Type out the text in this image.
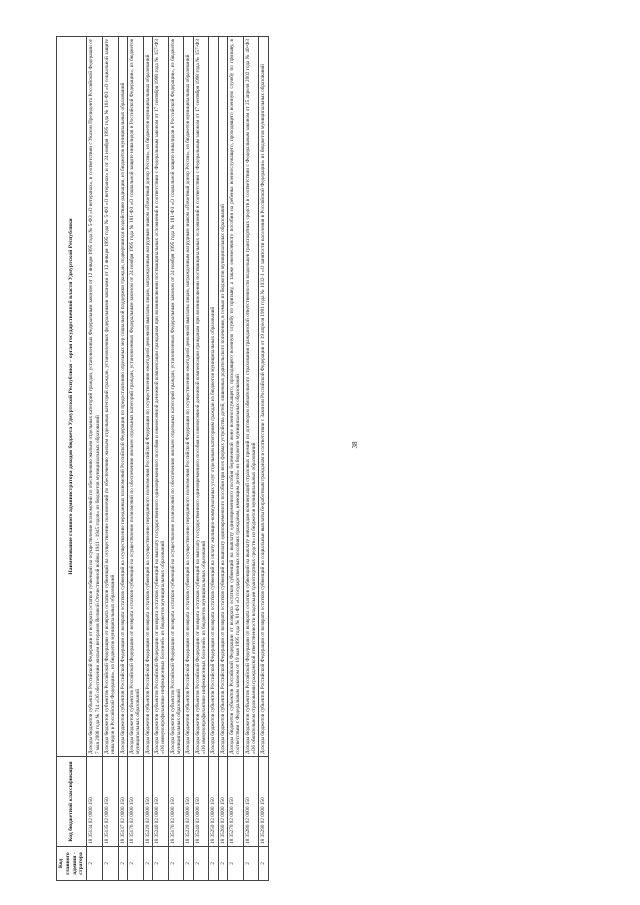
38
Код главного админи - стратора	Код бюджетной классификации	Наименование главного администратора доходов бюджета Удмуртской Республики – орган государственной власти Удмуртской Республики
2	18 35134 02 0000 150	Доходы бюджетов субъектов Российской Федерации от возврата остатков субвенций на осуществление полномочий по обеспечению жильем отдельных категорий граждан, установленных Федеральным законом от 12 января 1995 года № 5-ФЗ «О ветеранах», в соответствии с Указом Президента Российской Федерации от 7 мая 2008 года № 714 «Об обеспечении жильем ветеранов Великой Отечественной войны 1941 - 1945 годов» из бюджетов муниципальных образований
2	18 35135 02 0000 150	Доходы бюджетов субъектов Российской Федерации от возврата остатков субвенций на осуществление полномочий по обеспечению жильем отдельных категорий граждан, установленных федеральными законами от 12 января 1995 года № 5-ФЗ «О ветеранах» и от 24 ноября 1995 года № 181-ФЗ «О социальной защите инвалидов в Российской Федерации», из бюджетов муниципальных образований
2	18 35137 02 0000 150	Доходы бюджетов субъектов Российской Федерации от возврата остатков субвенций на осуществление переданных полномочий Российской Федерации по предоставлению отдельных мер социальной поддержки граждан, подвергшихся воздействию радиации, из бюджетов муниципальных образований
2	18 35176 02 0000 150	Доходы бюджетов субъектов Российской Федерации от возврата остатков субвенций на осуществление полномочий по обеспечению жильем отдельных категорий граждан, установленных Федеральным законом от 24 ноября 1995 года № 181-ФЗ «О социальной защите инвалидов в Российской Федерации», из бюджетов муниципальных образований
2	18 35220 02 0000 150	Доходы бюджетов субъектов Российской Федерации от возврата остатков субвенций на осуществление переданного полномочия Российской Федерации по осуществлению ежегодной денежной выплаты лицам, награжденным нагрудным знаком «Почетный донор России», из бюджетов муниципальных образований
2	18 35240 02 0000 150	Доходы бюджетов субъектов Российской Федерации от возврата остатков субвенций на выплату государственного единовременного пособия и ежемесячной денежной компенсации гражданам при возникновении поствакцинальных осложнений в соответствии с Федеральным законом от 17 сентября 1998 года № 157-ФЗ «Об иммунопрофилактике инфекционных болезней» из бюджетов муниципальных образований
2	18 35176 02 0000 150	Доходы бюджетов субъектов Российской Федерации от возврата остатков субвенций на осуществление полномочий по обеспечению жильем отдельных категорий граждан, установленных Федеральным законом от 24 ноября 1995 года № 181-ФЗ «О социальной защите инвалидов в Российской Федерации», из бюджетов муниципальных образований
2	18 35220 02 0000 150	Доходы бюджетов субъектов Российской Федерации от возврата остатков субвенций на осуществление переданного полномочия Российской Федерации по осуществлению ежегодной денежной выплаты лицам, награжденным нагрудным знаком «Почетный донор России», из бюджетов муниципальных образований
2	18 35240 02 0000 150	Доходы бюджетов субъектов Российской Федерации от возврата остатков субвенций на выплату государственного единовременного пособия и ежемесячной денежной компенсации гражданам при возникновении поствакцинальных осложнений в соответствии с Федеральным законом от 17 сентября 1998 года № 157-ФЗ «Об иммунопрофилактике инфекционных болезней» из бюджетов муниципальных образований
2	18 35250 02 0000 150	Доходы бюджетов субъектов Российской Федерации от возврата остатков субвенций на оплату жилищно-коммунальных услуг отдельным категориям граждан из бюджетов муниципальных образований
2	18 35260 02 0000 150	Доходы бюджетов субъектов Российской Федерации от возврата остатков субвенций на выплату единовременного пособия при всех формах устройства детей, лишенных родительского попечения, в семью из бюджетов муниципальных образований
2	18 35270 02 0000 150	Доходы бюджетов субъектов Российской Федерации от возврата остатков субвенций на выплату единовременного пособия беременной жене военнослужащего, проходящего военную службу по призыву, а также ежемесячного пособия на ребенка военнослужащего, проходящего военную службу по призыву, в соответствии с Федеральным законом от 19 мая 1995 года № 81-ФЗ «О государственных пособиях гражданам, имеющим детей» из бюджетов муниципальных образований
2	18 35280 02 0000 150	Доходы бюджетов субъектов Российской Федерации от возврата остатков субвенций на выплату инвалидам компенсаций страховых премий по договорам обязательного страхования гражданской ответственности владельцев транспортных средств в соответствии с Федеральным законом от 25 апреля 2002 года № 40-ФЗ «Об обязательном страховании гражданской ответственности владельцев транспортных средств» из бюджетов муниципальных образований
2	18 35290 02 0000 150	Доходы бюджетов субъектов Российской Федерации от возврата остатков субвенций на социальные выплаты безработным гражданам в соответствии с Законом Российской Федерации от 19 апреля 1991 года № 1032-1 «О занятости населения в Российской Федерации» из бюджетов муниципальных образований
